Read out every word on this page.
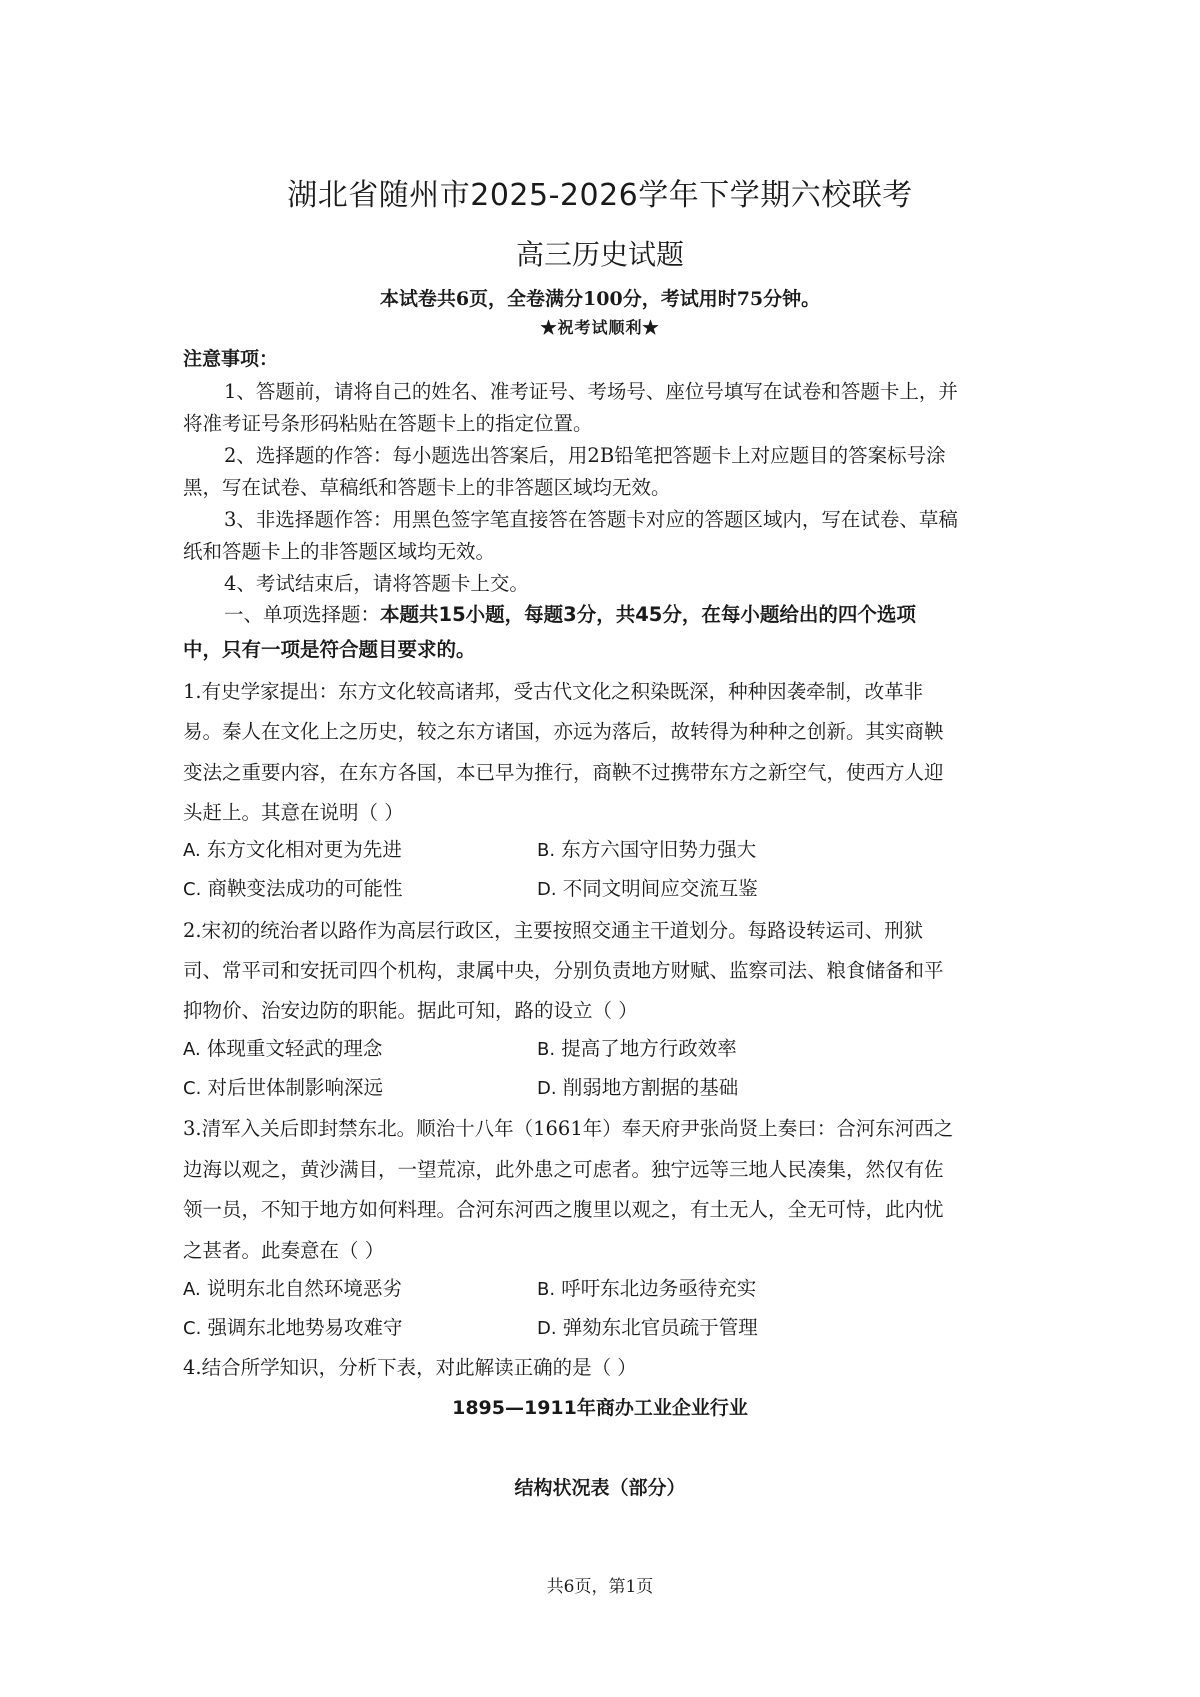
湖北省随州市2025-2026学年下学期六校联考
高三历史试题
本试卷共6页，全卷满分100分，考试用时75分钟。
★祝考试顺利★
注意事项：
1、答题前，请将自己的姓名、准考证号、考场号、座位号填写在试卷和答题卡上，并
将准考证号条形码粘贴在答题卡上的指定位置。
2、选择题的作答：每小题选出答案后，用2B铅笔把答题卡上对应题目的答案标号涂
黑，写在试卷、草稿纸和答题卡上的非答题区域均无效。
3、非选择题作答：用黑色签字笔直接答在答题卡对应的答题区域内，写在试卷、草稿
纸和答题卡上的非答题区域均无效。
4、考试结束后，请将答题卡上交。
一、单项选择题：本题共15小题，每题3分，共45分，在每小题给出的四个选项
中，只有一项是符合题目要求的。
1.有史学家提出：东方文化较高诸邦，受古代文化之积染既深，种种因袭牵制，改革非
易。秦人在文化上之历史，较之东方诸国，亦远为落后，故转得为种种之创新。其实商鞅
变法之重要内容，在东方各国，本已早为推行，商鞅不过携带东方之新空气，使西方人迎
头赶上。其意在说明（ ）
A. 东方文化相对更为先进	B. 东方六国守旧势力强大
C. 商鞅变法成功的可能性	D. 不同文明间应交流互鉴
2.宋初的统治者以路作为高层行政区，主要按照交通主干道划分。每路设转运司、刑狱
司、常平司和安抚司四个机构，隶属中央，分别负责地方财赋、监察司法、粮食储备和平
抑物价、治安边防的职能。据此可知，路的设立（ ）
A. 体现重文轻武的理念	B. 提高了地方行政效率
C. 对后世体制影响深远	D. 削弱地方割据的基础
3.清军入关后即封禁东北。顺治十八年（1661年）奉天府尹张尚贤上奏曰：合河东河西之
边海以观之，黄沙满目，一望荒凉，此外患之可虑者。独宁远等三地人民凑集，然仅有佐
领一员，不知于地方如何料理。合河东河西之腹里以观之，有土无人，全无可恃，此内忧
之甚者。此奏意在（ ）
A. 说明东北自然环境恶劣	B. 呼吁东北边务亟待充实
C. 强调东北地势易攻难守	D. 弹劾东北官员疏于管理
4.结合所学知识，分析下表，对此解读正确的是（ ）
1895—1911年商办工业企业行业
结构状况表（部分）
共6页，第1页
